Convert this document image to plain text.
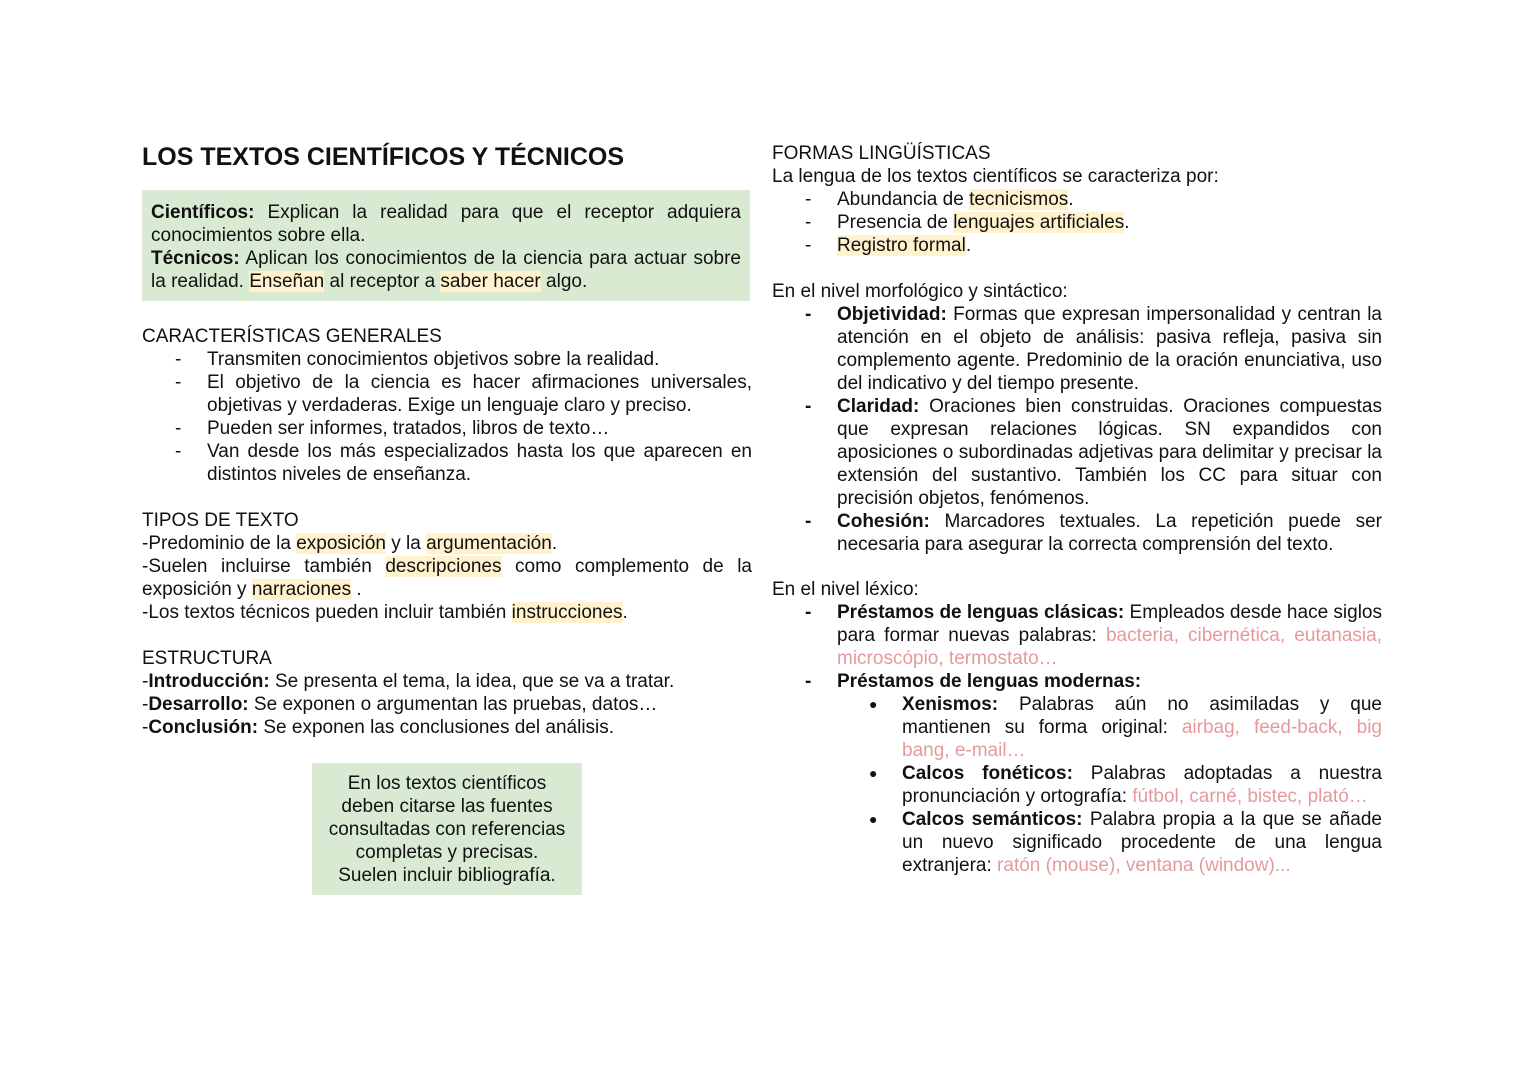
LOS TEXTOS CIENTÍFICOS Y TÉCNICOS

Científicos: Explican la realidad para que el receptor adquiera conocimientos sobre ella.

Técnicos: Aplican los conocimientos de la ciencia para actuar sobre la realidad. Enseñan al receptor a saber hacer algo.

CARACTERÍSTICAS GENERALES

- Transmiten conocimientos objetivos sobre la realidad.
- El objetivo de la ciencia es hacer afirmaciones universales, objetivas y verdaderas. Exige un lenguaje claro y preciso.
- Pueden ser informes, tratados, libros de texto…
- Van desde los más especializados hasta los que aparecen en distintos niveles de enseñanza.

TIPOS DE TEXTO

-Predominio de la exposición y la argumentación.

-Suelen incluirse también descripciones como complemento de la exposición y narraciones .

-Los textos técnicos pueden incluir también instrucciones.

ESTRUCTURA

-Introducción: Se presenta el tema, la idea, que se va a tratar.

-Desarrollo: Se exponen o argumentan las pruebas, datos…

-Conclusión: Se exponen las conclusiones del análisis.

En los textos científicos

deben citarse las fuentes

consultadas con referencias

completas y precisas.

Suelen incluir bibliografía.

FORMAS LINGÜÍSTICAS

La lengua de los textos científicos se caracteriza por:

- Abundancia de tecnicismos.
- Presencia de lenguajes artificiales.
- Registro formal.

En el nivel morfológico y sintáctico:

- Objetividad: Formas que expresan impersonalidad y centran la atención en el objeto de análisis: pasiva refleja, pasiva sin complemento agente. Predominio de la oración enunciativa, uso del indicativo y del tiempo presente.
- Claridad: Oraciones bien construidas. Oraciones compuestas que expresan relaciones lógicas. SN expandidos con aposiciones o subordinadas adjetivas para delimitar y precisar la extensión del sustantivo. También los CC para situar con precisión objetos, fenómenos.
- Cohesión: Marcadores textuales. La repetición puede ser necesaria para asegurar la correcta comprensión del texto.

En el nivel léxico:

- Préstamos de lenguas clásicas: Empleados desde hace siglos para formar nuevas palabras: bacteria, cibernética, eutanasia, microscópio, termostato…
- Préstamos de lenguas modernas:
● Xenismos: Palabras aún no asimiladas y que mantienen su forma original: airbag, feed-back, big bang, e-mail…
● Calcos fonéticos: Palabras adoptadas a nuestra pronunciación y ortografía: fútbol, carné, bistec, plató…
● Calcos semánticos: Palabra propia a la que se añade un nuevo significado procedente de una lengua extranjera: ratón (mouse), ventana (window)...
